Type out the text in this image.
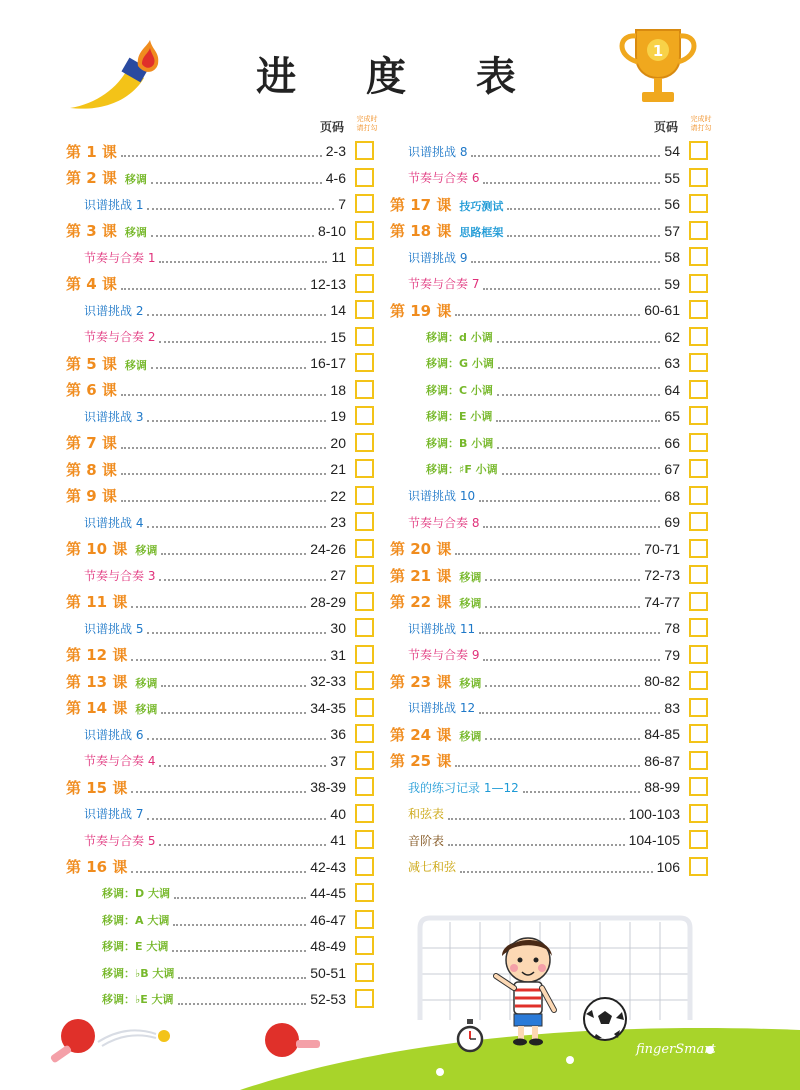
进 度 表
1
页码
完成时请打勾
第 1 课	2-3
第 2 课 移调	4-6
识谱挑战 1	7
第 3 课 移调	8-10
节奏与合奏 1	11
第 4 课	12-13
识谱挑战 2	14
节奏与合奏 2	15
第 5 课 移调	16-17
第 6 课	18
识谱挑战 3	19
第 7 课	20
第 8 课	21
第 9 课	22
识谱挑战 4	23
第 10 课 移调	24-26
节奏与合奏 3	27
第 11 课	28-29
识谱挑战 5	30
第 12 课	31
第 13 课 移调	32-33
第 14 课 移调	34-35
识谱挑战 6	36
节奏与合奏 4	37
第 15 课	38-39
识谱挑战 7	40
节奏与合奏 5	41
第 16 课	42-43
移调：D 大调	44-45
移调：A 大调	46-47
移调：E 大调	48-49
移调：♭B 大调	50-51
移调：♭E 大调	52-53
页码
完成时请打勾
识谱挑战 8	54
节奏与合奏 6	55
第 17 课 技巧测试	56
第 18 课 思路框架	57
识谱挑战 9	58
节奏与合奏 7	59
第 19 课	60-61
移调：d 小调	62
移调：G 小调	63
移调：C 小调	64
移调：E 小调	65
移调：B 小调	66
移调：♯F 小调	67
识谱挑战 10	68
节奏与合奏 8	69
第 20 课	70-71
第 21 课 移调	72-73
第 22 课 移调	74-77
识谱挑战 11	78
节奏与合奏 9	79
第 23 课 移调	80-82
识谱挑战 12	83
第 24 课 移调	84-85
第 25 课	86-87
我的练习记录 1—12	88-99
和弦表	100-103
音阶表	104-105
减七和弦	106
fingerSmart
